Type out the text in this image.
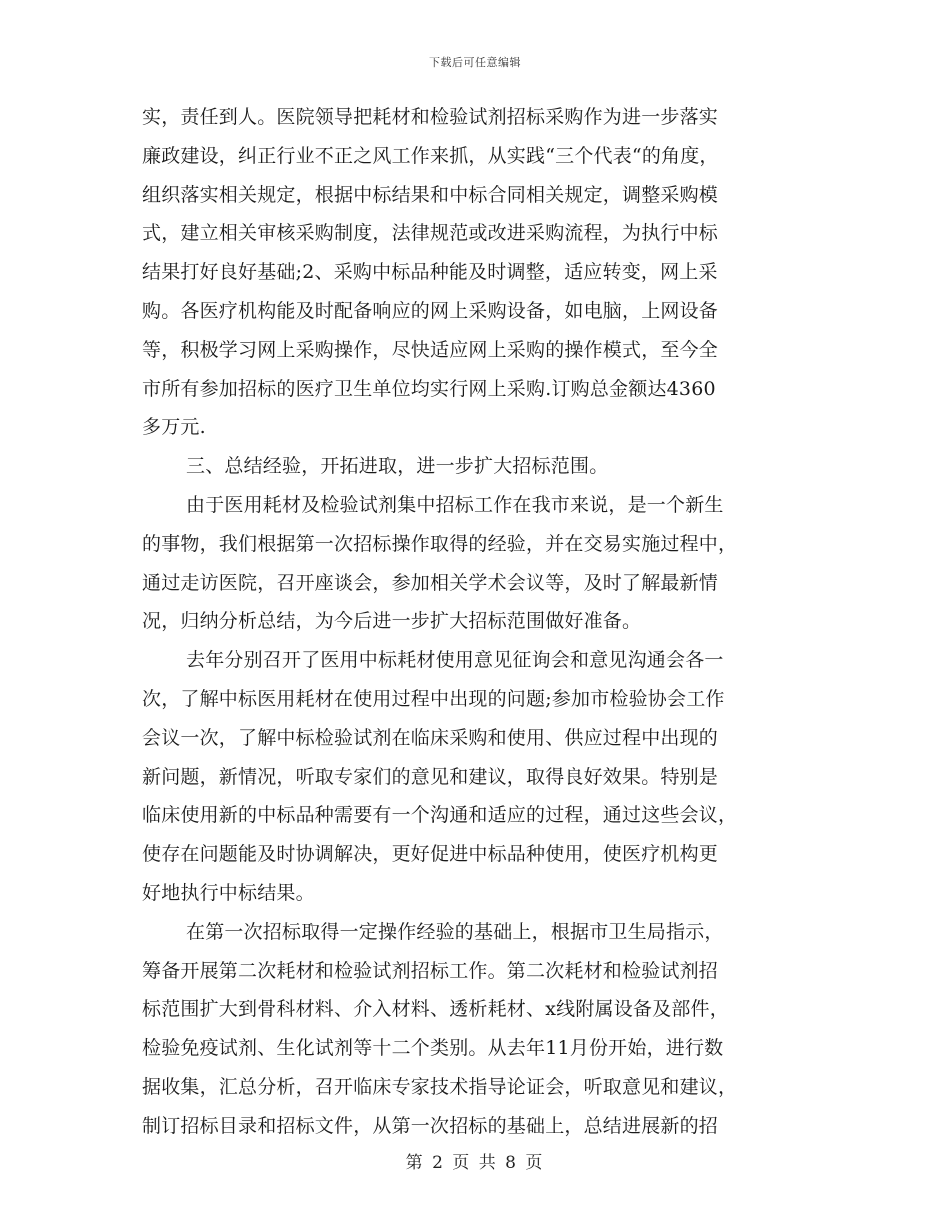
下载后可任意编辑
实，责任到人。医院领导把耗材和检验试剂招标采购作为进一步落实
廉政建设，纠正行业不正之风工作来抓，从实践“三个代表“的角度，
组织落实相关规定，根据中标结果和中标合同相关规定，调整采购模
式，建立相关审核采购制度，法律规范或改进采购流程，为执行中标
结果打好良好基础;2、采购中标品种能及时调整，适应转变，网上采
购。各医疗机构能及时配备响应的网上采购设备，如电脑，上网设备
等，积极学习网上采购操作，尽快适应网上采购的操作模式，至今全
市所有参加招标的医疗卫生单位均实行网上采购.订购总金额达4360
多万元.
三、总结经验，开拓进取，进一步扩大招标范围。
由于医用耗材及检验试剂集中招标工作在我市来说，是一个新生
的事物，我们根据第一次招标操作取得的经验，并在交易实施过程中，
通过走访医院，召开座谈会，参加相关学术会议等，及时了解最新情
况，归纳分析总结，为今后进一步扩大招标范围做好准备。
去年分别召开了医用中标耗材使用意见征询会和意见沟通会各一
次，了解中标医用耗材在使用过程中出现的问题;参加市检验协会工作
会议一次，了解中标检验试剂在临床采购和使用、供应过程中出现的
新问题，新情况，听取专家们的意见和建议，取得良好效果。特别是
临床使用新的中标品种需要有一个沟通和适应的过程，通过这些会议，
使存在问题能及时协调解决，更好促进中标品种使用，使医疗机构更
好地执行中标结果。
在第一次招标取得一定操作经验的基础上，根据市卫生局指示，
筹备开展第二次耗材和检验试剂招标工作。第二次耗材和检验试剂招
标范围扩大到骨科材料、介入材料、透析耗材、x线附属设备及部件，
检验免疫试剂、生化试剂等十二个类别。从去年11月份开始，进行数
据收集，汇总分析，召开临床专家技术指导论证会，听取意见和建议，
制订招标目录和招标文件，从第一次招标的基础上，总结进展新的招
第 2 页 共 8 页
